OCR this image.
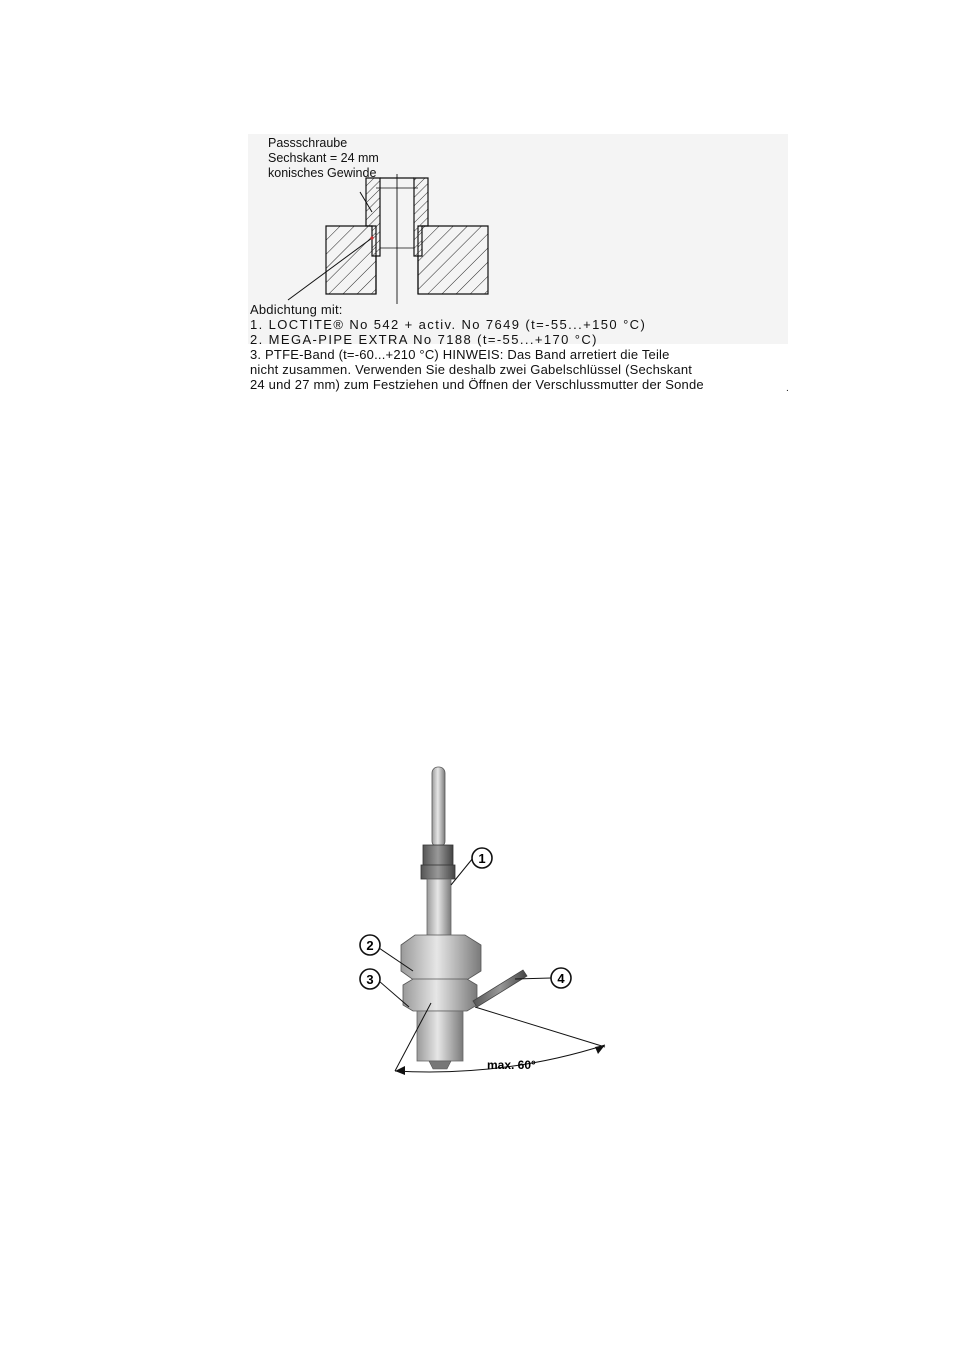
Passschraube
Sechskant = 24 mm
konisches Gewinde
Abdichtung mit:
1. LOCTITE® No 542 + activ. No 7649 (t=-55...+150 °C)
2. MEGA-PIPE EXTRA No 7188 (t=-55...+170 °C)
3. PTFE-Band (t=-60...+210 °C) HINWEIS: Das Band arretiert die Teile
nicht zusammen. Verwenden Sie deshalb zwei Gabelschlüssel (Sechskant
24 und 27 mm) zum Festziehen und Öffnen der Verschlussmutter der Sonde	.
1
2
3	4
max. 60°
